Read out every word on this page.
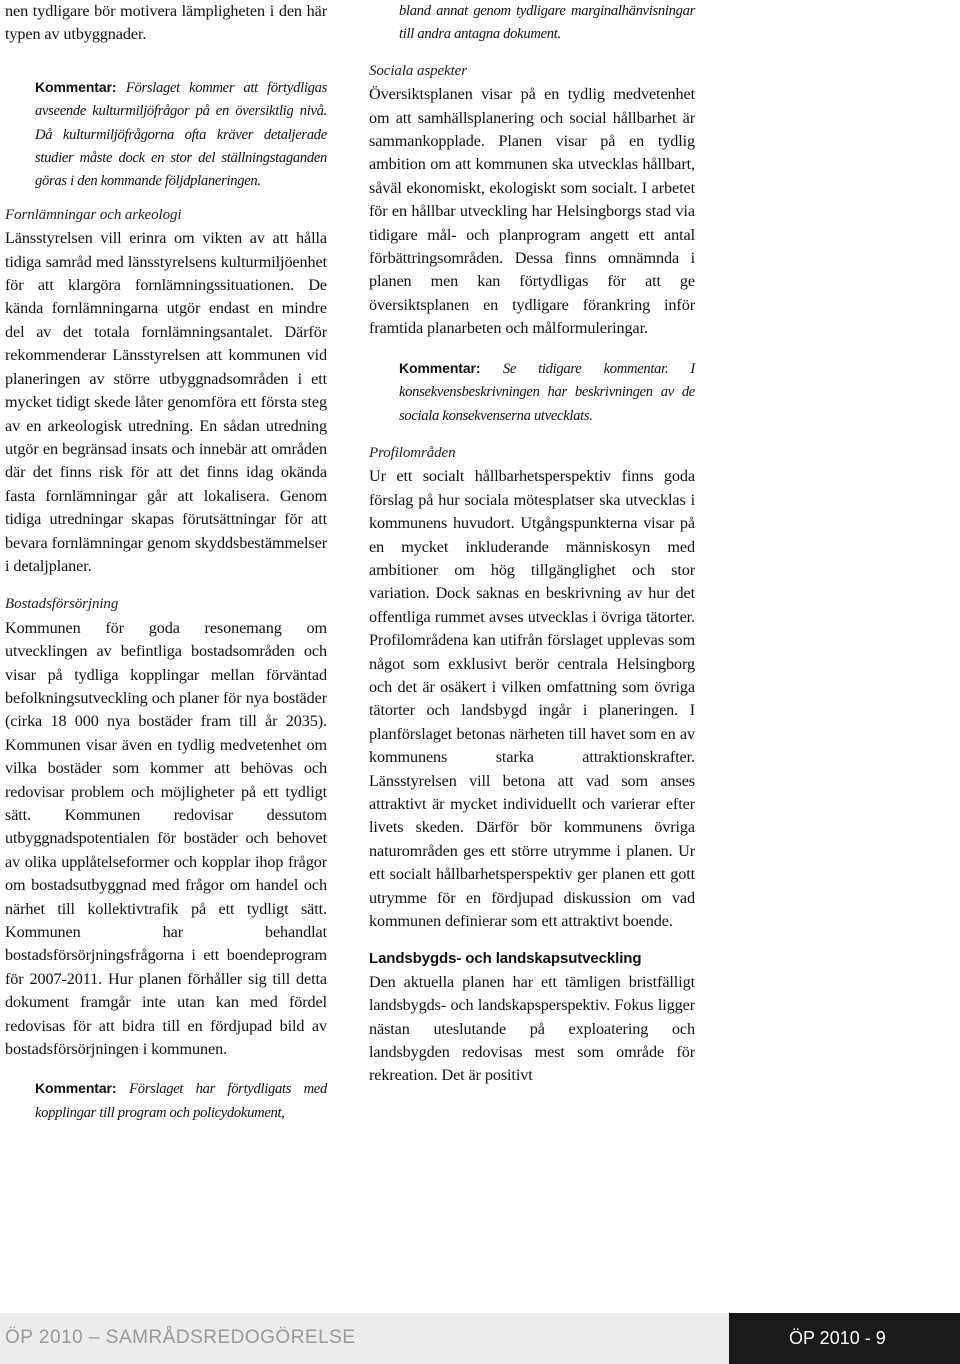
nen tydligare bör motivera lämpligheten i den här typen av utbyggnader.

Kommentar: Förslaget kommer att förtydligas avseende kulturmiljöfrågor på en översiktlig nivå. Då kulturmiljöfrågorna ofta kräver detaljerade studier måste dock en stor del ställningstaganden göras i den kommande följdplaneringen.

Fornlämningar och arkeologi

Länsstyrelsen vill erinra om vikten av att hålla tidiga samråd med länsstyrelsens kulturmiljöenhet för att klargöra fornlämningssituationen. De kända fornlämningarna utgör endast en mindre del av det totala fornlämningsantalet. Därför rekommenderar Länsstyrelsen att kommunen vid planeringen av större utbyggnadsområden i ett mycket tidigt skede låter genomföra ett första steg av en arkeologisk utredning. En sådan utredning utgör en begränsad insats och innebär att områden där det finns risk för att det finns idag okända fasta fornlämningar går att lokalisera. Genom tidiga utredningar skapas förutsättningar för att bevara fornlämningar genom skyddsbestämmelser i detaljplaner.

Bostadsförsörjning

Kommunen för goda resonemang om utvecklingen av befintliga bostadsområden och visar på tydliga kopplingar mellan förväntad befolkningsutveckling och planer för nya bostäder (cirka 18 000 nya bostäder fram till år 2035). Kommunen visar även en tydlig medvetenhet om vilka bostäder som kommer att behövas och redovisar problem och möjligheter på ett tydligt sätt. Kommunen redovisar dessutom utbyggnadspotentialen för bostäder och behovet av olika upplåtelseformer och kopplar ihop frågor om bostadsutbyggnad med frågor om handel och närhet till kollektivtrafik på ett tydligt sätt. Kommunen har behandlat bostadsförsörjningsfrågorna i ett boendeprogram för 2007-2011. Hur planen förhåller sig till detta dokument framgår inte utan kan med fördel redovisas för att bidra till en fördjupad bild av bostadsförsörjningen i kommunen.

Kommentar: Förslaget har förtydligats med kopplingar till program och policydokument,

bland annat genom tydligare marginalhänvisningar till andra antagna dokument.

Sociala aspekter

Översiktsplanen visar på en tydlig medvetenhet om att samhällsplanering och social hållbarhet är sammankopplade. Planen visar på en tydlig ambition om att kommunen ska utvecklas hållbart, såväl ekonomiskt, ekologiskt som socialt. I arbetet för en hållbar utveckling har Helsingborgs stad via tidigare mål- och planprogram angett ett antal förbättringsområden. Dessa finns omnämnda i planen men kan förtydligas för att ge översiktsplanen en tydligare förankring inför framtida planarbeten och målformuleringar.

Kommentar: Se tidigare kommentar. I konsekvensbeskrivningen har beskrivningen av de sociala konsekvenserna utvecklats.

Profilområden

Ur ett socialt hållbarhetsperspektiv finns goda förslag på hur sociala mötesplatser ska utvecklas i kommunens huvudort. Utgångspunkterna visar på en mycket inkluderande människosyn med ambitioner om hög tillgänglighet och stor variation. Dock saknas en beskrivning av hur det offentliga rummet avses utvecklas i övriga tätorter. Profilområdena kan utifrån förslaget upplevas som något som exklusivt berör centrala Helsingborg och det är osäkert i vilken omfattning som övriga tätorter och landsbygd ingår i planeringen. I planförslaget betonas närheten till havet som en av kommunens starka attraktionskrafter. Länsstyrelsen vill betona att vad som anses attraktivt är mycket individuellt och varierar efter livets skeden. Därför bör kommunens övriga naturområden ges ett större utrymme i planen. Ur ett socialt hållbarhetsperspektiv ger planen ett gott utrymme för en fördjupad diskussion om vad kommunen definierar som ett attraktivt boende.

Landsbygds- och landskapsutveckling

Den aktuella planen har ett tämligen bristfälligt landsbygds- och landskapsperspektiv. Fokus ligger nästan uteslutande på exploatering och landsbygden redovisas mest som område för rekreation. Det är positivt

ÖP 2010 – SAMRÅDSREDOGÖRELSE	ÖP 2010 - 9
